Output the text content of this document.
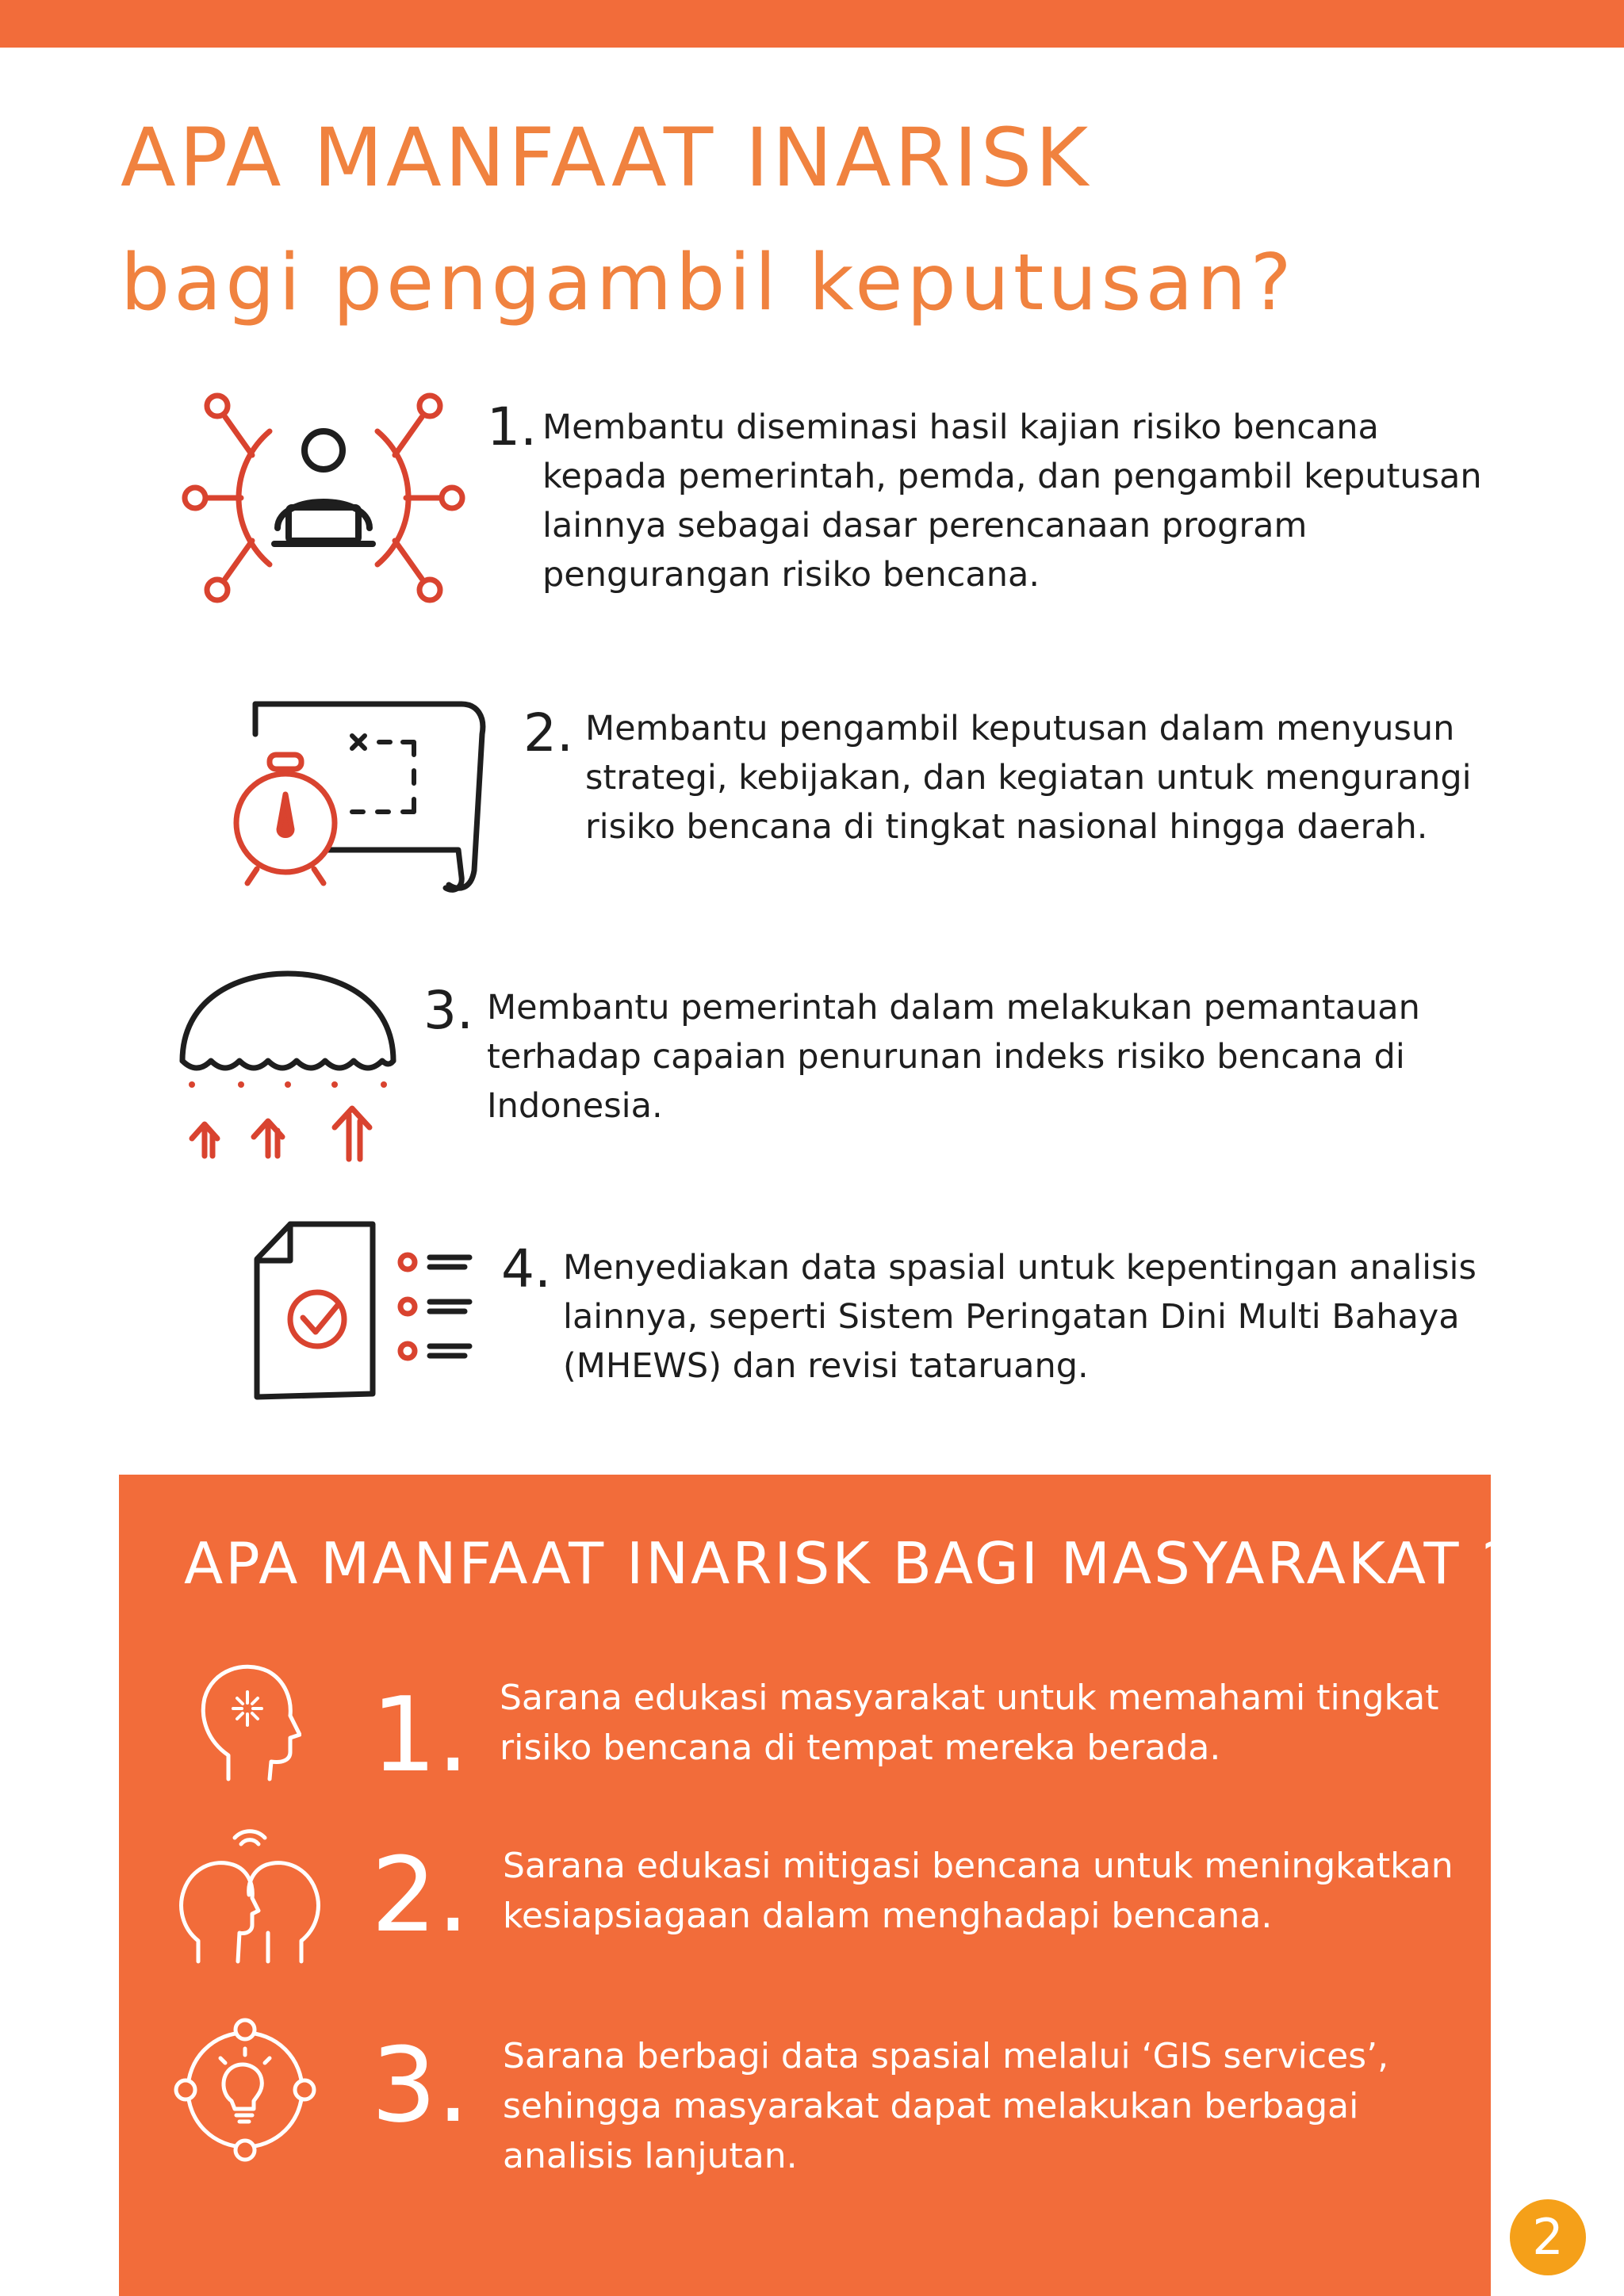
APA MANFAAT INARISK
bagi pengambil keputusan?
1. Membantu diseminasi hasil kajian risiko bencana kepada pemerintah, pemda, dan pengambil keputusan lainnya sebagai dasar perencanaan program pengurangan risiko bencana.
2. Membantu pengambil keputusan dalam menyusun strategi, kebijakan, dan kegiatan untuk mengurangi risiko bencana di tingkat nasional hingga daerah.
3. Membantu pemerintah dalam melakukan pemantauan terhadap capaian penurunan indeks risiko bencana di Indonesia.
4. Menyediakan data spasial untuk kepentingan analisis lainnya, seperti Sistem Peringatan Dini Multi Bahaya (MHEWS) dan revisi tataruang.
APA MANFAAT INARISK BAGI MASYARAKAT ?
1. Sarana edukasi masyarakat untuk memahami tingkat risiko bencana di tempat mereka berada.
2. Sarana edukasi mitigasi bencana untuk meningkatkan kesiapsiagaan dalam menghadapi bencana.
3. Sarana berbagi data spasial melalui ‘GIS services’, sehingga masyarakat dapat melakukan berbagai analisis lanjutan.
2
